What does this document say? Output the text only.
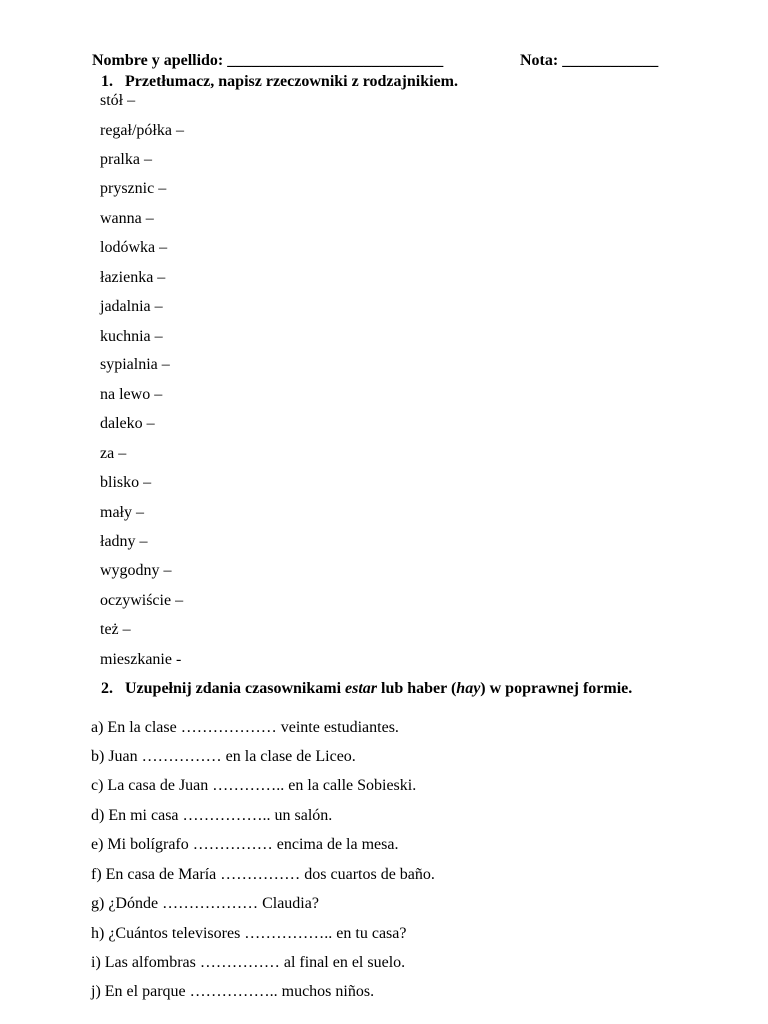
Nombre y apellido: ___________________________	Nota: ____________
1. Przetłumacz, napisz rzeczowniki z rodzajnikiem.
stół –
regał/półka –
pralka –
prysznic –
wanna –
lodówka –
łazienka –
jadalnia –
kuchnia –
sypialnia –
na lewo –
daleko –
za –
blisko –
mały –
ładny –
wygodny –
oczywiście –
też –
mieszkanie -
2. Uzupełnij zdania czasownikami estar lub haber (hay) w poprawnej formie.
a) En la clase ……………… veinte estudiantes.
b) Juan …………… en la clase de Liceo.
c) La casa de Juan ………….. en la calle Sobieski.
d) En mi casa …………….. un salón.
e) Mi bolígrafo …………… encima de la mesa.
f) En casa de María …………… dos cuartos de baño.
g) ¿Dónde ……………… Claudia?
h) ¿Cuántos televisores …………….. en tu casa?
i) Las alfombras …………… al final en el suelo.
j) En el parque …………….. muchos niños.
